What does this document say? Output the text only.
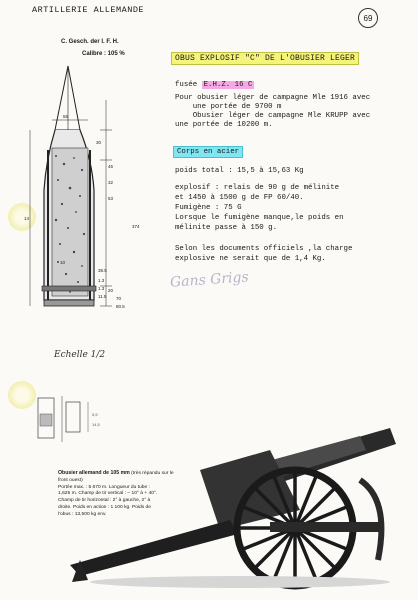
ARTILLERIE ALLEMANDE
69
C. Gesch. der l. F. H.
Calibre : 105 %
55
30
45
32
53
10
38.5
14
1.3
1.3
11.5
20
70
80.5
374
Echelle 1/2
5,5
14,5
OBUS EXPLOSIF "C" DE L'OBUSIER LEGER
fusée E.H.Z. 16 C
Pour obusier léger de campagne Mle 1916 avec
une portée de 9700 m
Obusier léger de campagne Mle KRUPP avec
une portée de 10200 m.
Corps en acier
poids total : 15,5 à 15,63 Kg
explosif : relais de 90 g de mélinite
et 1450 à 1500 g de FP 60/40.
Fumigène : 75 G
Lorsque le fumigène manque,le poids en
mélinite passe à 150 g.
Selon les documents officiels ,la charge
explosive ne serait que de 1,4 Kg.
Gans Grigs
Obusier allemand de 105 mm (très répandu sur le front ouest)
Portée max. : 5 670 m. Longueur du tube :
1,625 m. Champ de tir vertical : − 10° à + 40°.
Champ de tir horizontal : 2° à gauche, 2° à
droite. Poids en action : 1 100 kg. Poids de
l'obus : 13,500 kg env.
